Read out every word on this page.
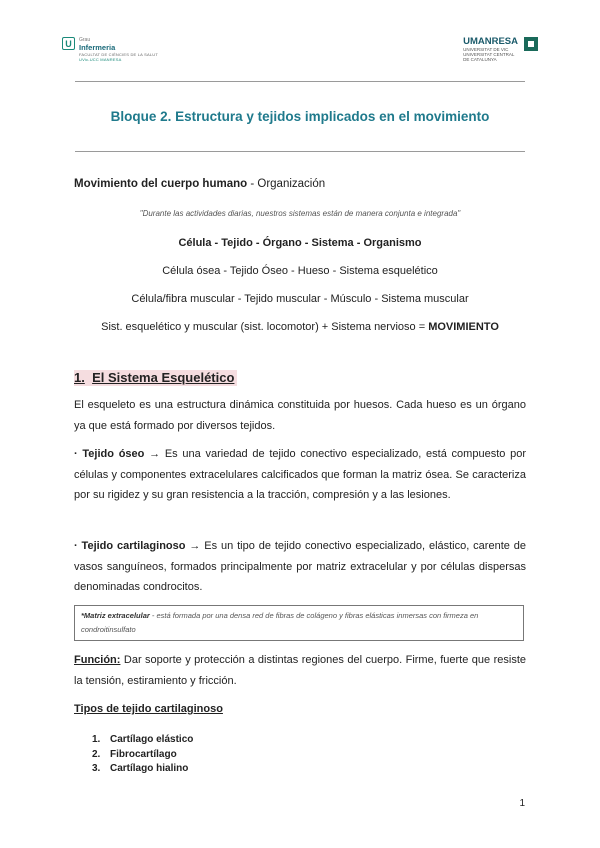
U	Grau
Infermeria
FACULTAT DE CIÈNCIES DE LA SALUT
UVic-UCC MANRESA
UMANRESA
UNIVERSITAT DE VIC
UNIVERSITAT CENTRAL
DE CATALUNYA
Bloque 2. Estructura y tejidos implicados en el movimiento
Movimiento del cuerpo humano - Organización
"Durante las actividades diarias, nuestros sistemas están de manera conjunta e integrada"
Célula - Tejido - Órgano - Sistema - Organismo
Célula ósea - Tejido Óseo - Hueso - Sistema esquelético
Célula/fibra muscular - Tejido muscular - Músculo - Sistema muscular
Sist. esquelético y muscular (sist. locomotor) + Sistema nervioso = MOVIMIENTO
1. El Sistema Esquelético
El esqueleto es una estructura dinámica constituida por huesos. Cada hueso es un órgano ya que está formado por diversos tejidos.
· Tejido óseo → Es una variedad de tejido conectivo especializado, está compuesto por células y componentes extracelulares calcificados que forman la matriz ósea. Se caracteriza por su rigidez y su gran resistencia a la tracción, compresión y a las lesiones.
· Tejido cartilaginoso → Es un tipo de tejido conectivo especializado, elástico, carente de vasos sanguíneos, formados principalmente por matriz extracelular y por células dispersas denominadas condrocitos.
*Matriz extracelular - está formada por una densa red de fibras de colágeno y fibras elásticas inmersas con firmeza en condroitinsulfato
Función: Dar soporte y protección a distintas regiones del cuerpo. Firme, fuerte que resiste la tensión, estiramiento y fricción.
Tipos de tejido cartilaginoso
1. Cartílago elástico
2. Fibrocartílago
3. Cartílago hialino
1
